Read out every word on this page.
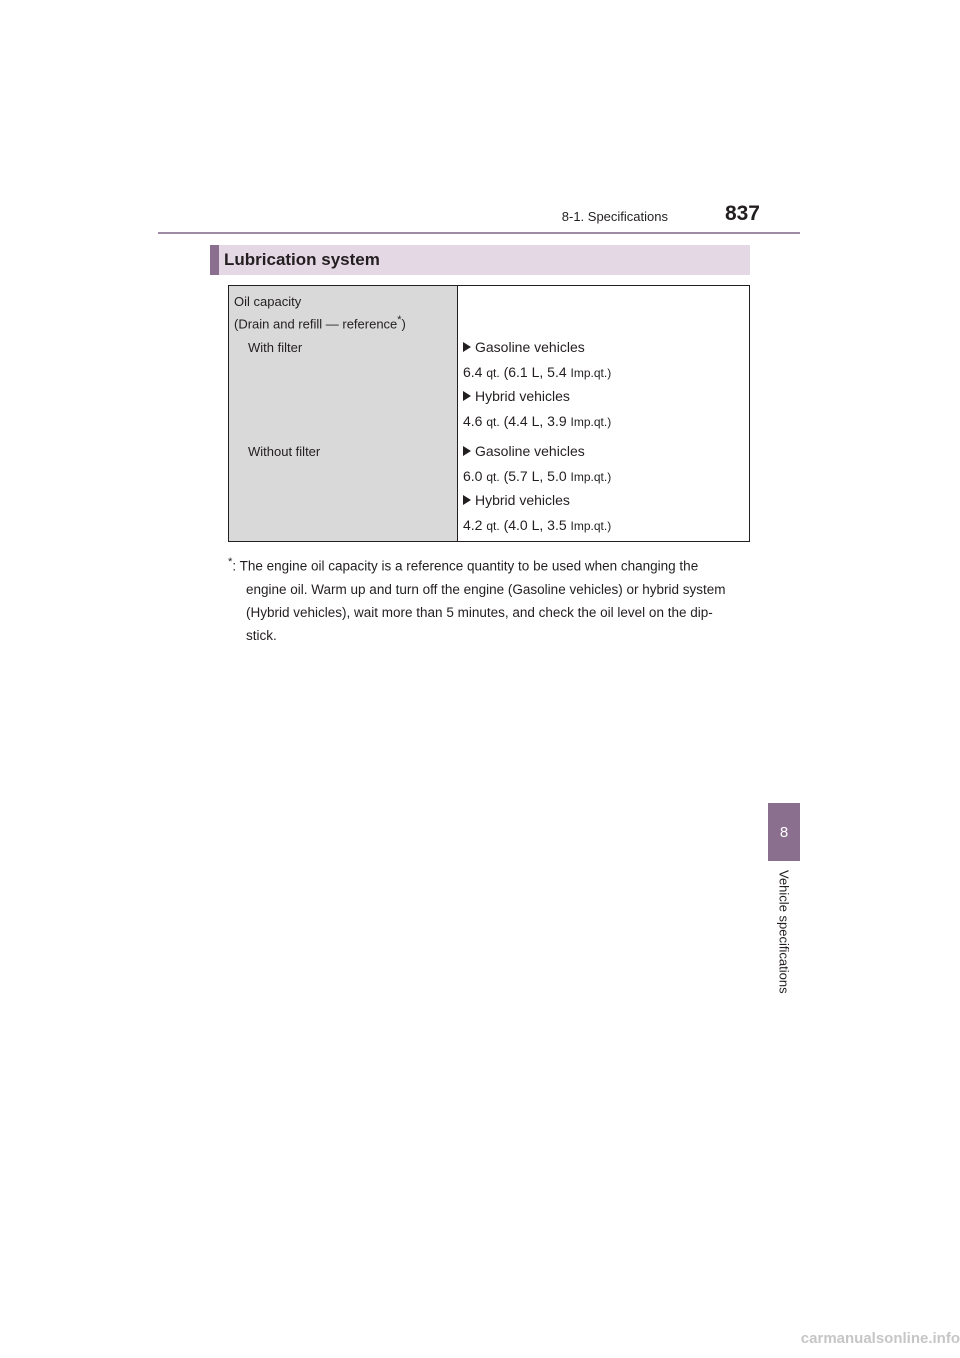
8-1. Specifications	837
Lubrication system
Oil capacity
(Drain and refill — reference*)
With filter
Without filter
Gasoline vehicles
6.4 qt. (6.1 L, 5.4 Imp.qt.)
Hybrid vehicles
4.6 qt. (4.4 L, 3.9 Imp.qt.)
Gasoline vehicles
6.0 qt. (5.7 L, 5.0 Imp.qt.)
Hybrid vehicles
4.2 qt. (4.0 L, 3.5 Imp.qt.)
*: The engine oil capacity is a reference quantity to be used when changing the
engine oil. Warm up and turn off the engine (Gasoline vehicles) or hybrid system
(Hybrid vehicles), wait more than 5 minutes, and check the oil level on the dip-
stick.
8
Vehicle specifications
carmanualsonline.info
